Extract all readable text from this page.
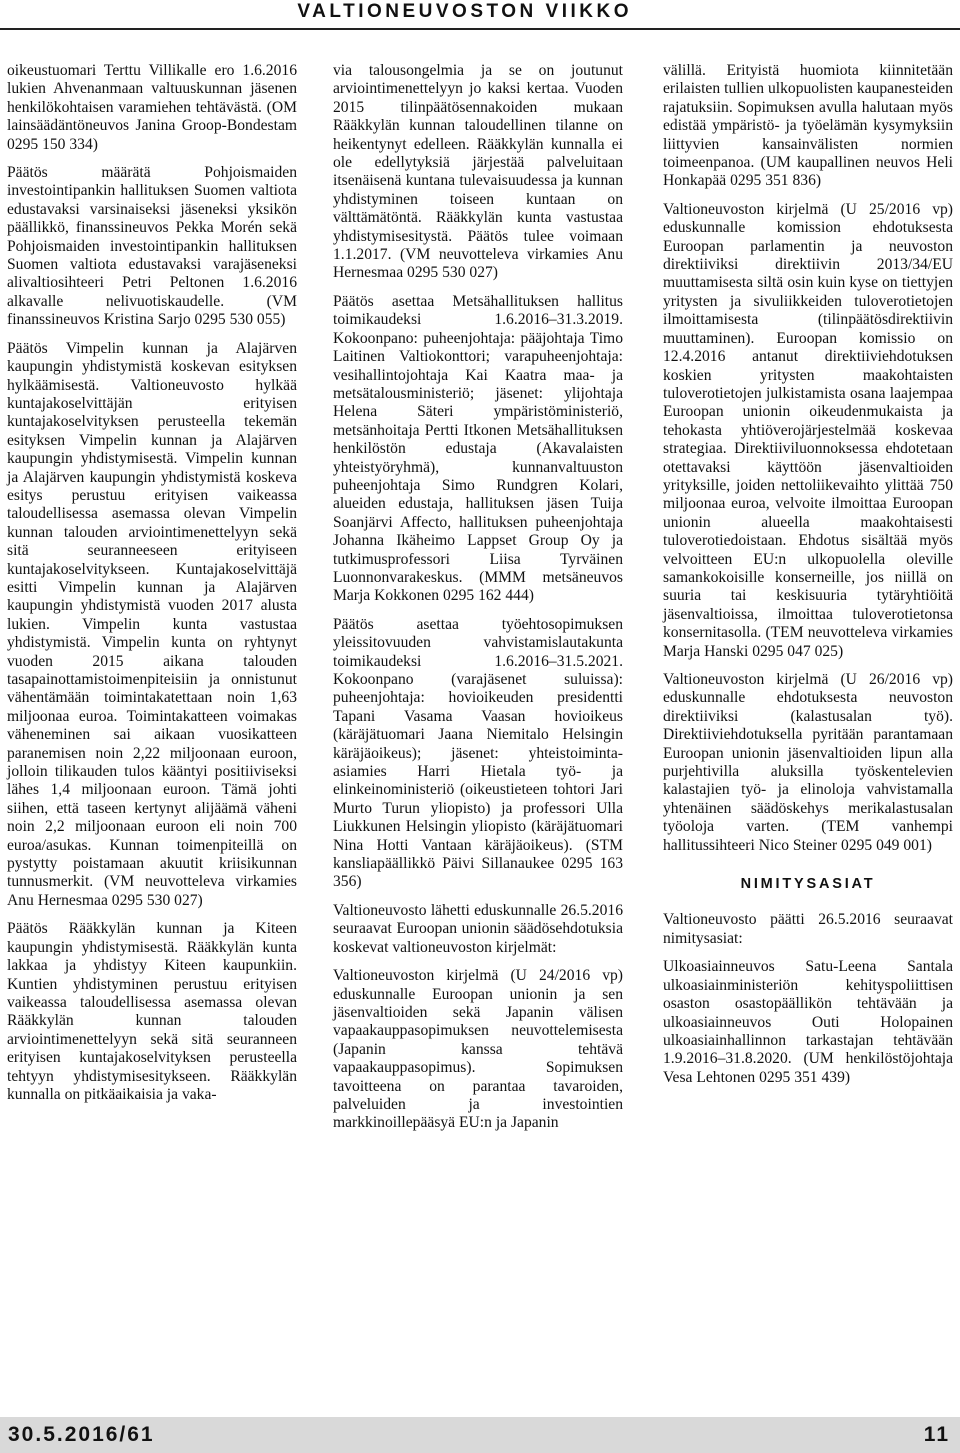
VALTIONEUVOSTON VIIKKO

oikeustuomari Terttu Villikalle ero 1.6.2016 lukien Ahvenanmaan valtuuskunnan jäsenen henkilökohtaisen varamiehen tehtävästä. (OM lainsäädäntöneuvos Janina Groop-Bondestam 0295 150 334)

Päätös määrätä Pohjoismaiden investointipankin hallituksen Suomen valtiota edustavaksi varsinaiseksi jäseneksi yksikön päällikkö, finanssineuvos Pekka Morén sekä Pohjoismaiden investointipankin hallituksen Suomen valtiota edustavaksi varajäseneksi alivaltiosihteeri Petri Peltonen 1.6.2016 alkavalle nelivuotiskaudelle. (VM finanssineuvos Kristina Sarjo 0295 530 055)

Päätös Vimpelin kunnan ja Alajärven kaupungin yhdistymistä koskevan esityksen hylkäämisestä. Valtioneuvosto hylkää kuntajakoselvittäjän erityisen kuntajakoselvityksen perusteella tekemän esityksen Vimpelin kunnan ja Alajärven kaupungin yhdistymisestä. Vimpelin kunnan ja Alajärven kaupungin yhdistymistä koskeva esitys perustuu erityisen vaikeassa taloudellisessa asemassa olevan Vimpelin kunnan talouden arviointimenettelyyn sekä sitä seuranneeseen erityiseen kuntajakoselvitykseen. Kuntajakoselvittäjä esitti Vimpelin kunnan ja Alajärven kaupungin yhdistymistä vuoden 2017 alusta lukien. Vimpelin kunta vastustaa yhdistymistä. Vimpelin kunta on ryhtynyt vuoden 2015 aikana talouden tasapainottamistoimenpiteisiin ja onnistunut vähentämään toimintakatettaan noin 1,63 miljoonaa euroa. Toimintakatteen voimakas väheneminen sai aikaan vuosikatteen paranemisen noin 2,22 miljoonaan euroon, jolloin tilikauden tulos kääntyi positiiviseksi lähes 1,4 miljoonaan euroon. Tämä johti siihen, että taseen kertynyt alijäämä väheni noin 2,2 miljoonaan euroon eli noin 700 euroa/asukas. Kunnan toimenpiteillä on pystytty poistamaan akuutit kriisikunnan tunnusmerkit. (VM neuvotteleva virkamies Anu Hernesmaa 0295 530 027)

Päätös Rääkkylän kunnan ja Kiteen kaupungin yhdistymisestä. Rääkkylän kunta lakkaa ja yhdistyy Kiteen kaupunkiin. Kuntien yhdistyminen perustuu erityisen vaikeassa taloudellisessa asemassa olevan Rääkkylän kunnan talouden arviointimenettelyyn sekä sitä seuranneen erityisen kuntajakoselvityksen perusteella tehtyyn yhdistymisesitykseen. Rääkkylän kunnalla on pitkäaikaisia ja vaka-

via talousongelmia ja se on joutunut arviointimenettelyyn jo kaksi kertaa. Vuoden 2015 tilinpäätösennakoiden mukaan Rääkkylän kunnan taloudellinen tilanne on heikentynyt edelleen. Rääkkylän kunnalla ei ole edellytyksiä järjestää palveluitaan itsenäisenä kuntana tulevaisuudessa ja kunnan yhdistyminen toiseen kuntaan on välttämätöntä. Rääkkylän kunta vastustaa yhdistymisesitystä. Päätös tulee voimaan 1.1.2017. (VM neuvotteleva virkamies Anu Hernesmaa 0295 530 027)

Päätös asettaa Metsähallituksen hallitus toimikaudeksi 1.6.2016–31.3.2019. Kokoonpano: puheenjohtaja: pääjohtaja Timo Laitinen Valtiokonttori; varapuheenjohtaja: vesihallintojohtaja Kai Kaatra maa- ja metsätalousministeriö; jäsenet: ylijohtaja Helena Säteri ympäristöministeriö, metsänhoitaja Pertti Itkonen Metsähallituksen henkilöstön edustaja (Akavalaisten yhteistyöryhmä), kunnanvaltuuston puheenjohtaja Simo Rundgren Kolari, alueiden edustaja, hallituksen jäsen Tuija Soanjärvi Affecto, hallituksen puheenjohtaja Johanna Ikäheimo Lappset Group Oy ja tutkimusprofessori Liisa Tyrväinen Luonnonvarakeskus. (MMM metsäneuvos Marja Kokkonen 0295 162 444)

Päätös asettaa työehtosopimuksen yleissitovuuden vahvistamislautakunta toimikaudeksi 1.6.2016–31.5.2021. Kokoonpano (varajäsenet suluissa): puheenjohtaja: hovioikeuden presidentti Tapani Vasama Vaasan hovioikeus (käräjätuomari Jaana Niemitalo Helsingin käräjäoikeus); jäsenet: yhteistoiminta-asiamies Harri Hietala työ- ja elinkeinoministeriö (oikeustieteen tohtori Jari Murto Turun yliopisto) ja professori Ulla Liukkunen Helsingin yliopisto (käräjätuomari Nina Hotti Vantaan käräjäoikeus). (STM kansliapäällikkö Päivi Sillanaukee 0295 163 356)

Valtioneuvosto lähetti eduskunnalle 26.5.2016 seuraavat Euroopan unionin säädösehdotuksia koskevat valtioneuvoston kirjelmät:

Valtioneuvoston kirjelmä (U 24/2016 vp) eduskunnalle Euroopan unionin ja sen jäsenvaltioiden sekä Japanin välisen vapaakauppasopimuksen neuvottelemisesta (Japanin kanssa tehtävä vapaakauppasopimus). Sopimuksen tavoitteena on parantaa tavaroiden, palveluiden ja investointien markkinoillepääsyä EU:n ja Japanin

välillä. Erityistä huomiota kiinnitetään erilaisten tullien ulkopuolisten kaupanesteiden rajatuksiin. Sopimuksen avulla halutaan myös edistää ympäristö- ja työelämän kysymyksiin liittyvien kansainvälisten normien toimeenpanoa. (UM kaupallinen neuvos Heli Honkapää 0295 351 836)

Valtioneuvoston kirjelmä (U 25/2016 vp) eduskunnalle komission ehdotuksesta Euroopan parlamentin ja neuvoston direktiiviksi direktiivin 2013/34/EU muuttamisesta siltä osin kuin kyse on tiettyjen yritysten ja sivuliikkeiden tuloverotietojen ilmoittamisesta (tilinpäätösdirektiivin muuttaminen). Euroopan komissio on 12.4.2016 antanut direktiiviehdotuksen koskien yritysten maakohtaisten tuloverotietojen julkistamista osana laajempaa Euroopan unionin oikeudenmukaista ja tehokasta yhtiöverojärjestelmää koskevaa strategiaa. Direktiiviluonnoksessa ehdotetaan otettavaksi käyttöön jäsenvaltioiden yrityksille, joiden nettoliikevaihto ylittää 750 miljoonaa euroa, velvoite ilmoittaa Euroopan unionin alueella maakohtaisesti tuloverotiedoistaan. Ehdotus sisältää myös velvoitteen EU:n ulkopuolella oleville samankokoisille konserneille, jos niillä on suuria tai keskisuuria tytäryhtiöitä jäsenvaltioissa, ilmoittaa tuloverotietonsa konsernitasolla. (TEM neuvotteleva virkamies Marja Hanski 0295 047 025)

Valtioneuvoston kirjelmä (U 26/2016 vp) eduskunnalle ehdotuksesta neuvoston direktiiviksi (kalastusalan työ). Direktiiviehdotuksella pyritään parantamaan Euroopan unionin jäsenvaltioiden lipun alla purjehtivilla aluksilla työskentelevien kalastajien työ- ja elinoloja vahvistamalla yhtenäinen säädöskehys merikalastusalan työoloja varten. (TEM vanhempi hallitussihteeri Nico Steiner 0295 049 001)

NIMITYSASIAT

Valtioneuvosto päätti 26.5.2016 seuraavat nimitysasiat:

Ulkoasiainneuvos Satu-Leena Santala ulkoasiainministeriön kehityspoliittisen osaston osastopäällikön tehtävään ja ulkoasiainneuvos Outi Holopainen ulkoasiainhallinnon tarkastajan tehtävään 1.9.2016–31.8.2020. (UM henkilöstöjohtaja Vesa Lehtonen 0295 351 439)

30.5.2016/61	11
